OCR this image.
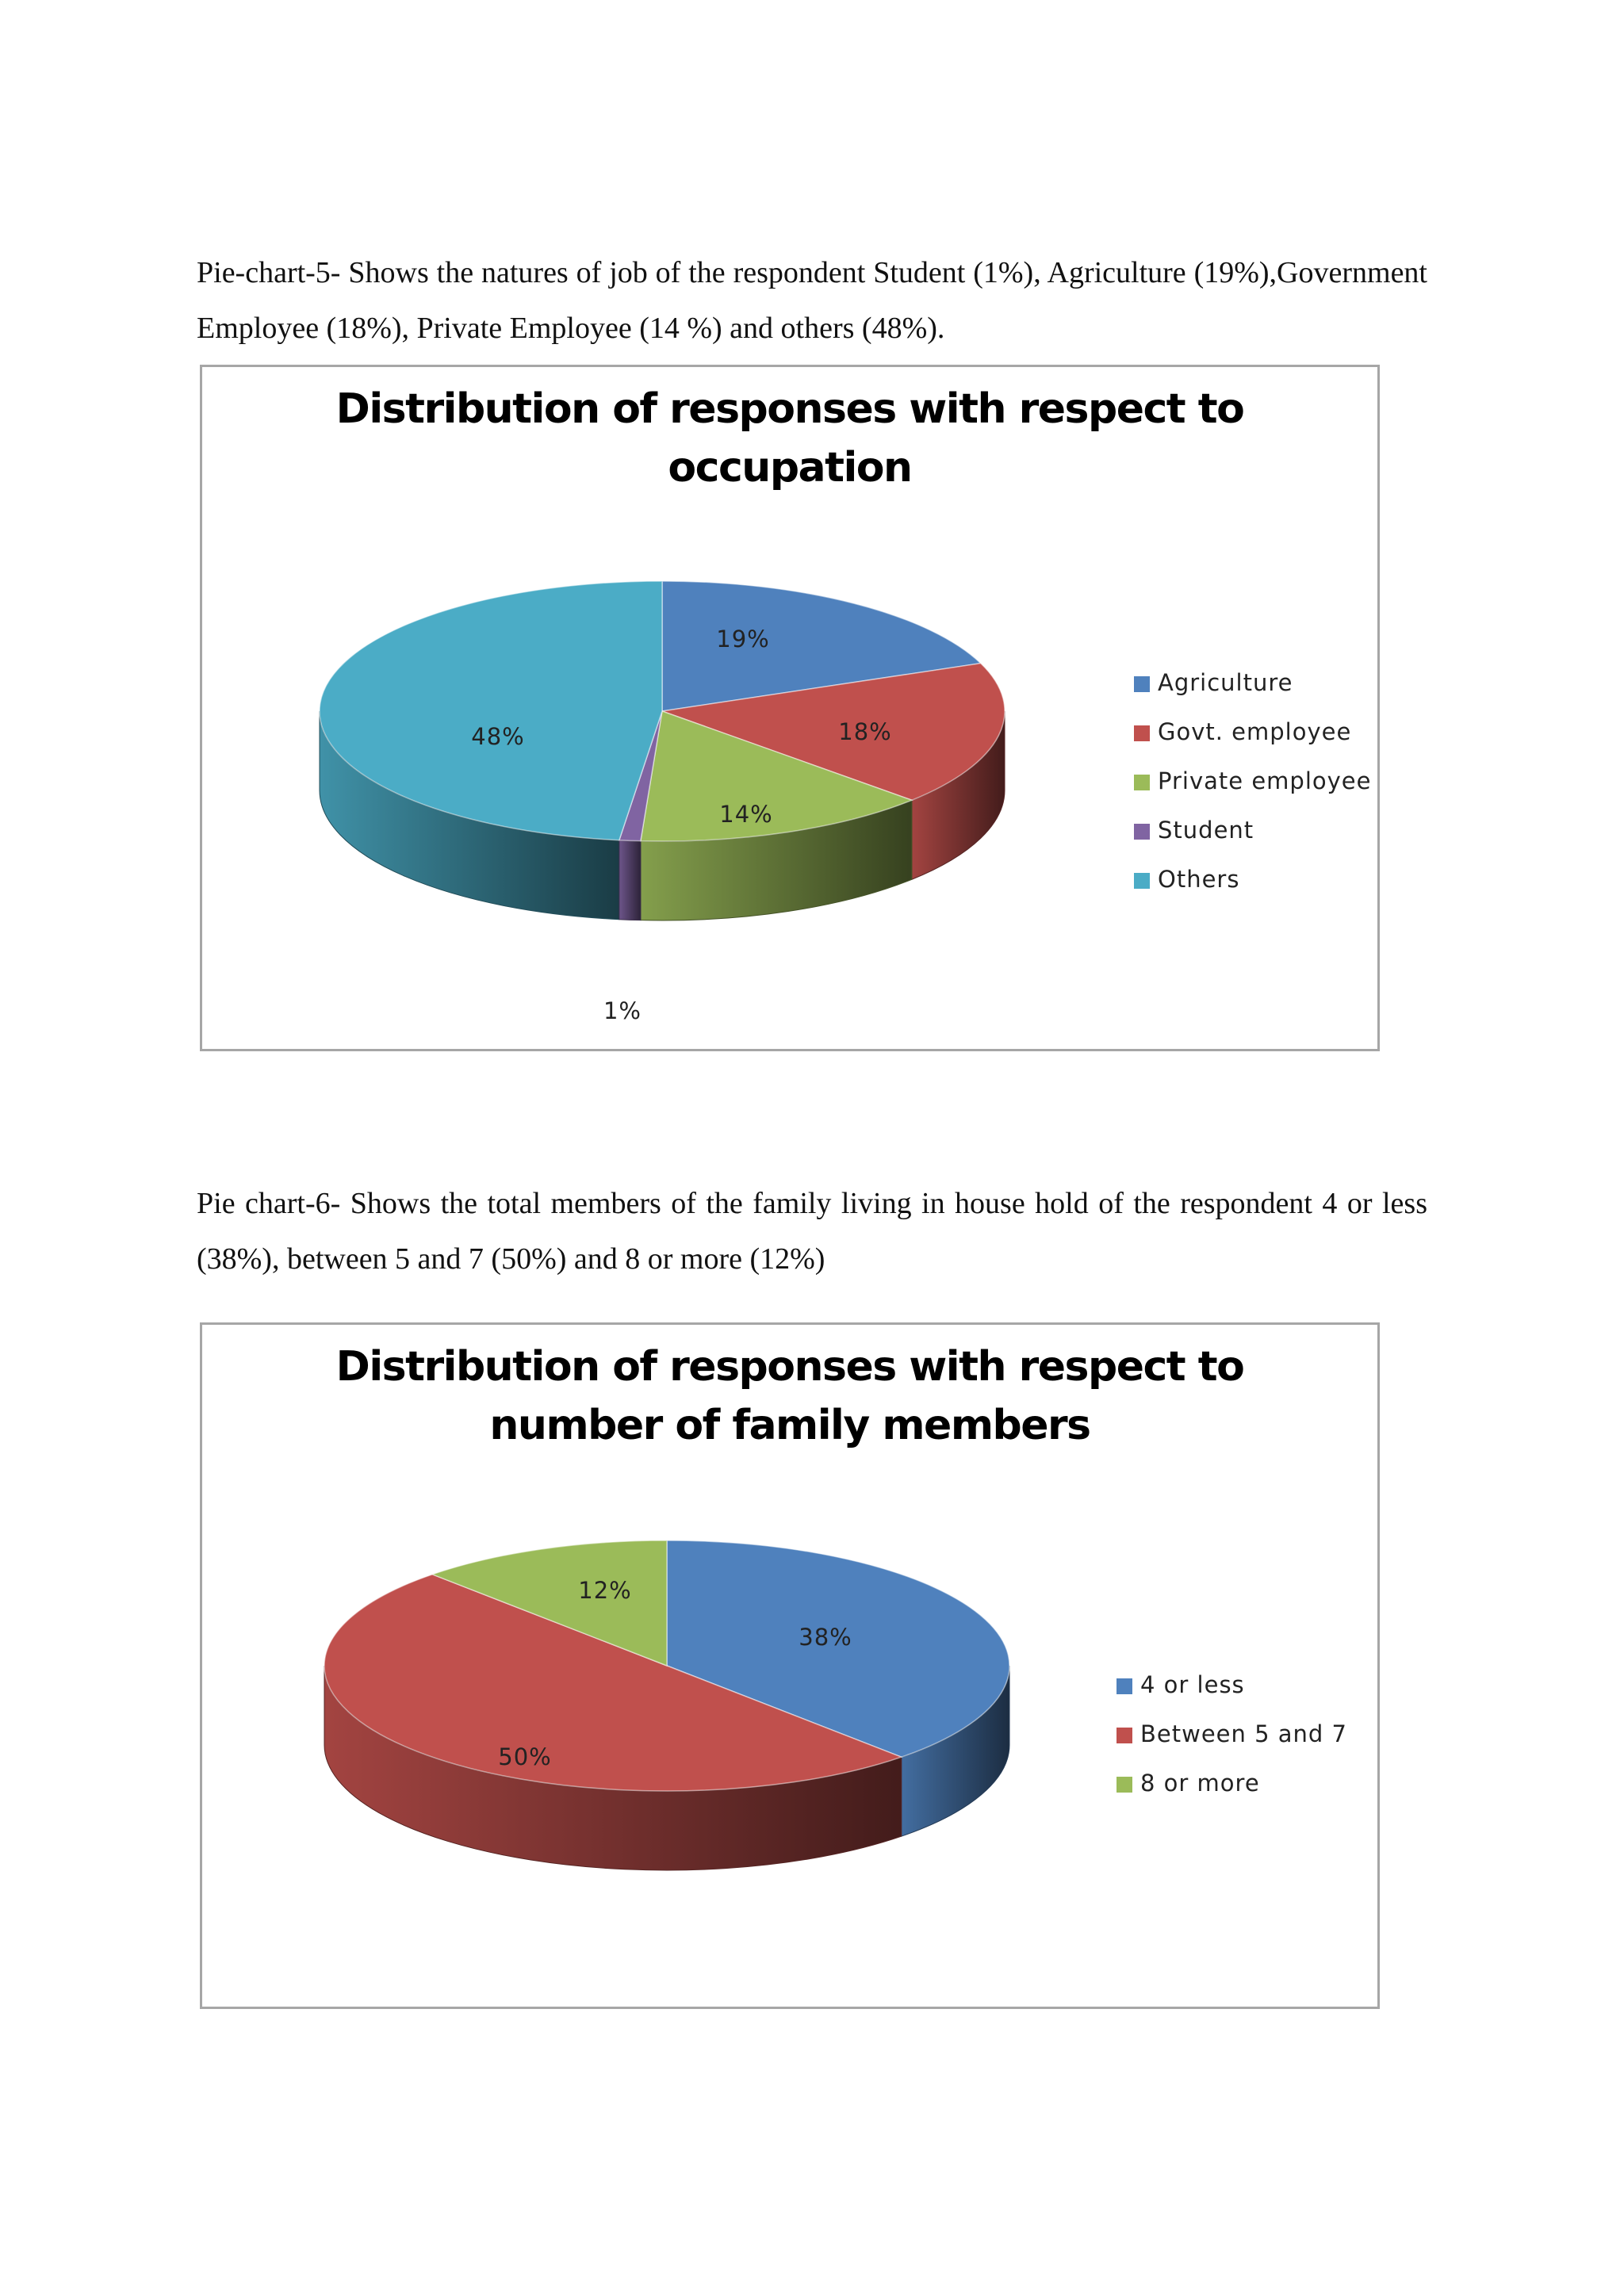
Pie-chart-5- Shows the natures of job of the respondent Student (1%), Agriculture (19%),Government Employee (18%), Private Employee (14 %) and others (48%).

Distribution of responses with respect to
occupation
19%
18%
14%
1%
48%
Agriculture
Govt. employee
Private employee
Student
Others

Pie chart-6- Shows the total members of the family living in house hold of the respondent 4 or less (38%), between 5 and 7 (50%) and 8 or more (12%)

Distribution of responses with respect to
number of family members
38%
50%
12%
4 or less
Between 5 and 7
8 or more
